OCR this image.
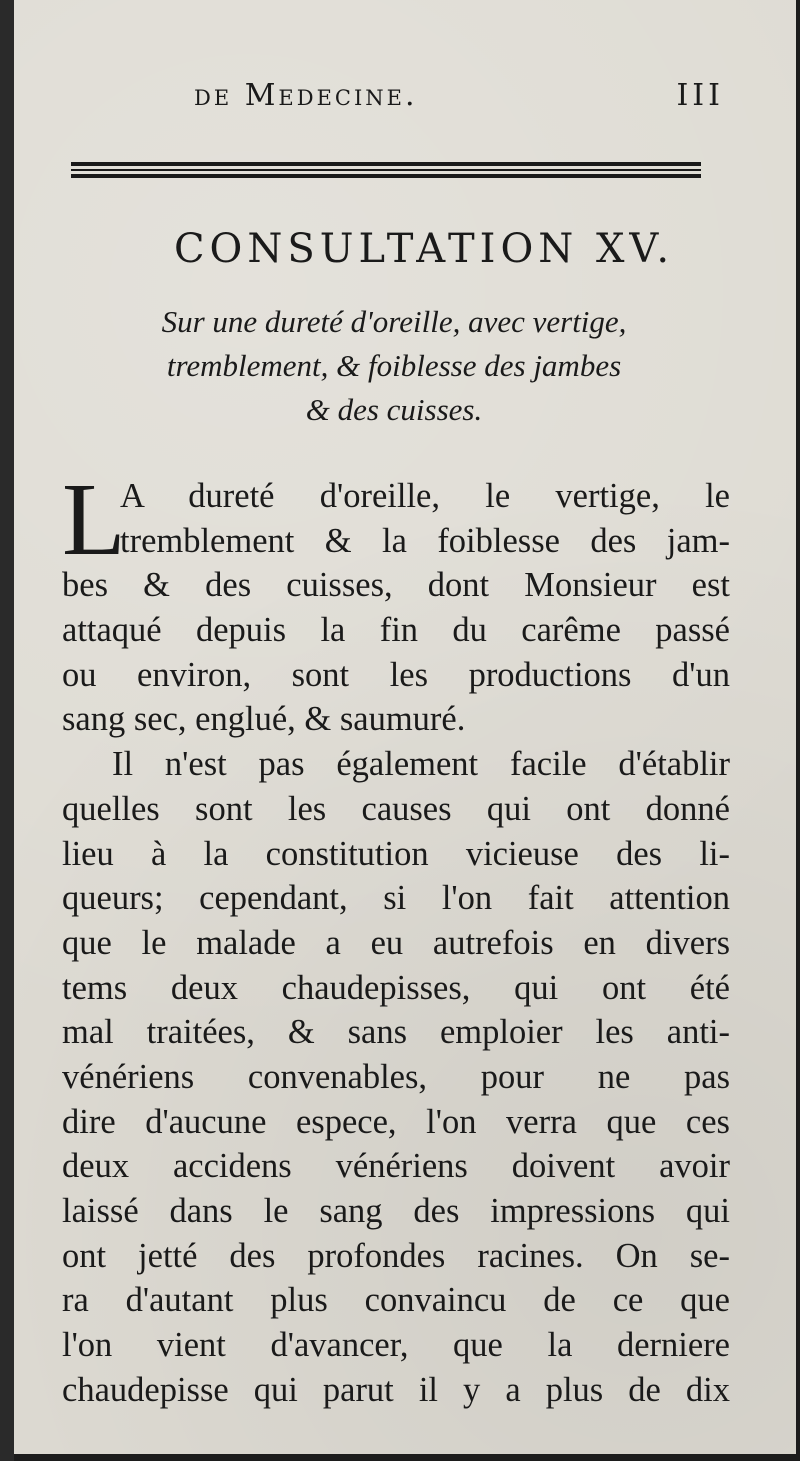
de Medecine.	III
CONSULTATION XV.
Sur une dureté d'oreille, avec vertige,
tremblement, & foiblesse des jambes
& des cuisses.
L
A dureté d'oreille, le vertige, le
tremblement & la foiblesse des jam-
bes & des cuisses, dont Monsieur est
attaqué depuis la fin du carême passé
ou environ, sont les productions d'un
sang sec, englué, & saumuré.
Il n'est pas également facile d'établir
quelles sont les causes qui ont donné
lieu à la constitution vicieuse des li-
queurs; cependant, si l'on fait attention
que le malade a eu autrefois en divers
tems deux chaudepisses, qui ont été
mal traitées, & sans emploier les anti-
vénériens convenables, pour ne pas
dire d'aucune espece, l'on verra que ces
deux accidens vénériens doivent avoir
laissé dans le sang des impressions qui
ont jetté des profondes racines. On se-
ra d'autant plus convaincu de ce que
l'on vient d'avancer, que la derniere
chaudepisse qui parut il y a plus de dix
